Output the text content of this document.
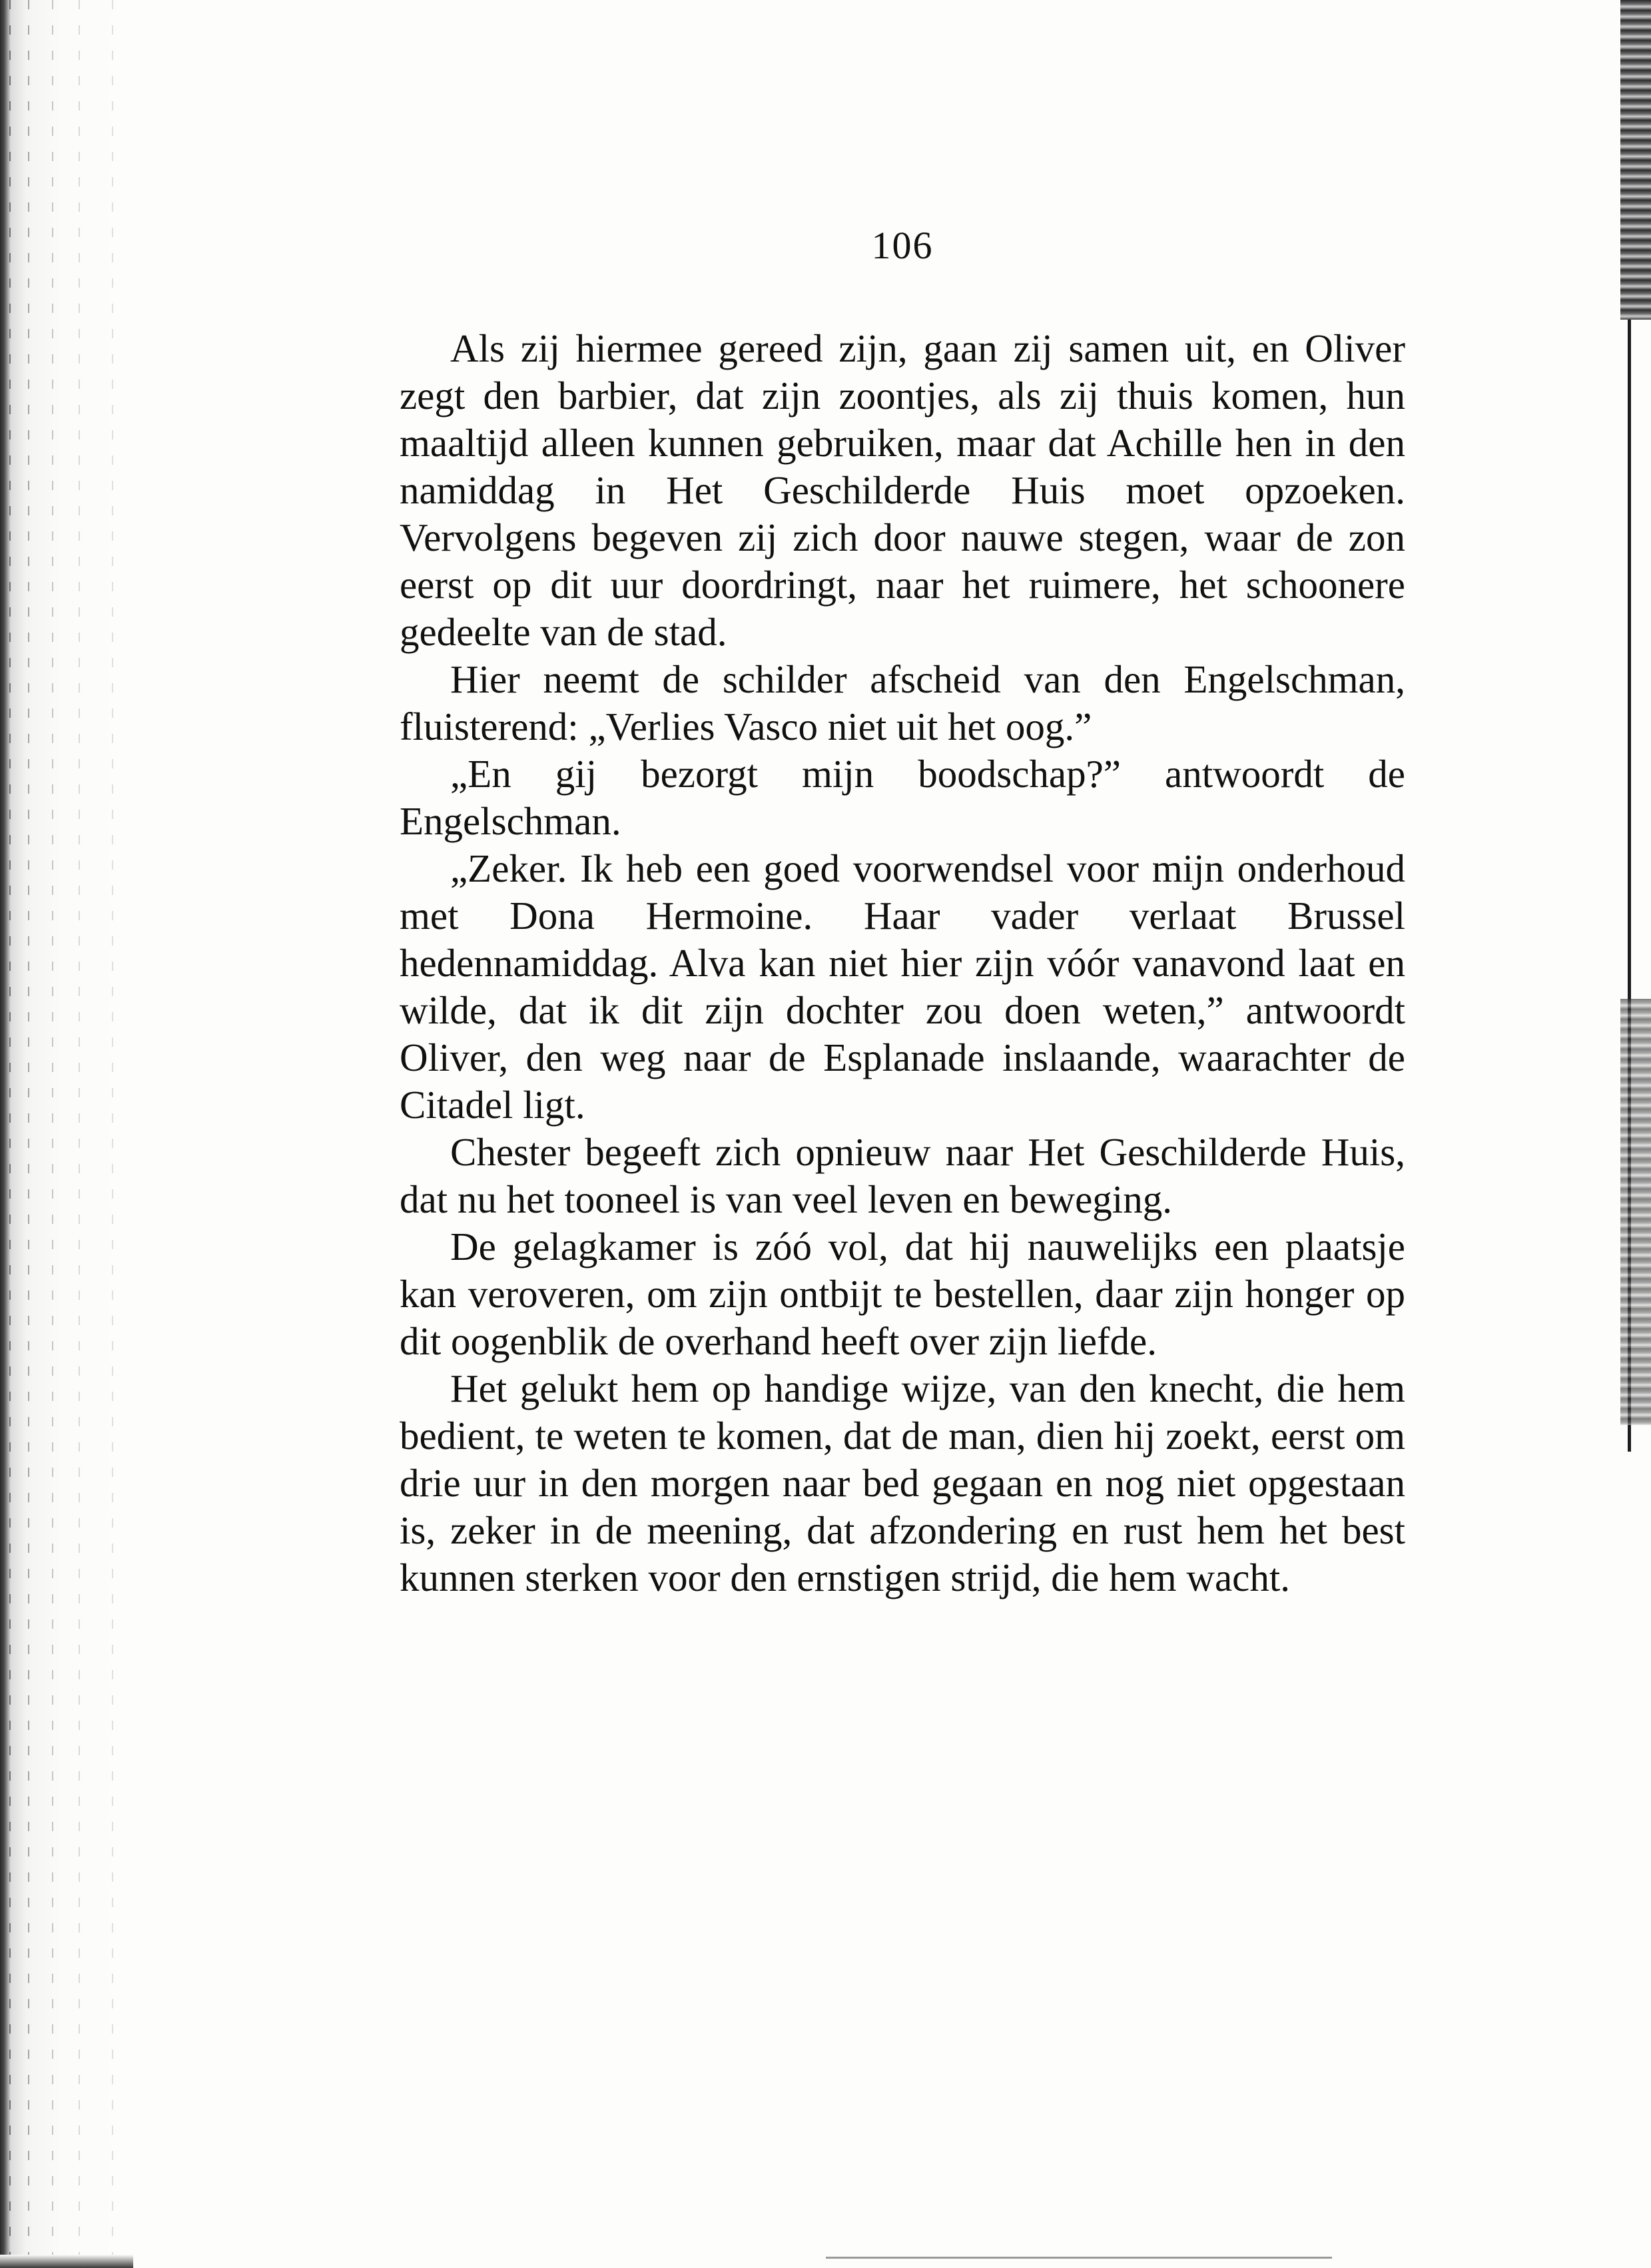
106

Als zij hiermee gereed zijn, gaan zij samen uit, en Oliver zegt den barbier, dat zijn zoontjes, als zij thuis komen, hun maaltijd alleen kunnen gebruiken, maar dat Achille hen in den namiddag in Het Geschilderde Huis moet opzoeken. Vervolgens begeven zij zich door nauwe stegen, waar de zon eerst op dit uur doordringt, naar het ruimere, het schoonere gedeelte van de stad.

Hier neemt de schilder afscheid van den Engelschman, fluisterend: „Verlies Vasco niet uit het oog.”

„En gij bezorgt mijn boodschap?” antwoordt de Engelschman.

„Zeker. Ik heb een goed voorwendsel voor mijn onderhoud met Dona Hermoine. Haar vader verlaat Brussel hedennamiddag. Alva kan niet hier zijn vóór vanavond laat en wilde, dat ik dit zijn dochter zou doen weten,” antwoordt Oliver, den weg naar de Esplanade inslaande, waarachter de Citadel ligt.

Chester begeeft zich opnieuw naar Het Geschilderde Huis, dat nu het tooneel is van veel leven en beweging.

De gelagkamer is zóó vol, dat hij nauwelijks een plaatsje kan veroveren, om zijn ontbijt te bestellen, daar zijn honger op dit oogenblik de overhand heeft over zijn liefde.

Het gelukt hem op handige wijze, van den knecht, die hem bedient, te weten te komen, dat de man, dien hij zoekt, eerst om drie uur in den morgen naar bed gegaan en nog niet opgestaan is, zeker in de meening, dat afzondering en rust hem het best kunnen sterken voor den ernstigen strijd, die hem wacht.
